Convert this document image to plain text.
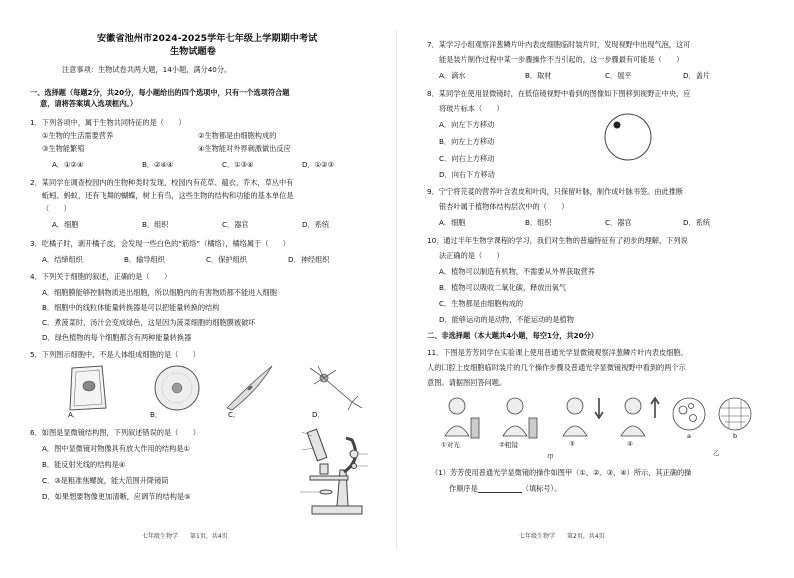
安徽省池州市2024-2025学年七年级上学期期中考试
生物试题卷
注意事项：生物试卷共两大题，14小题，满分40分。
一、选择题（每题2分，共20分，每小题给出的四个选项中，只有一个选项符合题
意，请将答案填入选项框内。）
1．下列各项中，属于生物共同特征的是（　　）
①生物的生活需要营养	②生物都是由细胞构成的
③生物能繁殖	④生物能对外界刺激做出反应
A．①②④	B．②④④	C．①③④	D．①②③
2．某同学在调查校园内的生物种类时发现，校园内有花草、蕴衣、乔木，草丛中有
蚯蚓、蚂蚁，还有飞舞的蝴蝶，树上有鸟，这些生物的结构和功能的基本单位是
（　　）
A．细胞	B．组织	C．器官	D．系统
3．吃橘子时，剥开橘子皮，会发现一些白色的“筋络”（橘络），橘络属于（　　）
A．结缔组织	B．输导组织	C．保护组织	D．神经组织
4．下列关于细胞的叙述，正确的是（　　）
A．细胞膜能够控制物质进出细胞，所以细胞内的有害物质都不能进入细胞
B．细胞中的线粒体能量转换器是可以把能量转换的结构
C．煮菠菜时，汤汁会变成绿色，这是因为菠菜细胞的细胞膜被破坏
D．绿色植物的每个细胞都含有两种能量转换器
5．下列图示细胞中，不是人体组成细胞的是（　　）
A．	B．	C．	D．
6．如图是显微镜结构图，下列叙述错误的是（　　）
A．图中显微镜对物像具有放大作用的结构是①
B．能反射光线的结构是④
C．③是粗准焦螺旋，能大范围升降镜筒
D．如果想要物像更加清晰，应调节的结构是⑤
七年级生物学　　第1页，共4页
7．某学习小组观察洋葱鳞片叶内表皮细胞临时装片时，发现视野中出现气泡，这可
能是装片制作过程中某一步骤操作不当引起的，这一步骤最有可能是（　　）
A．滴水	B．取材	C．展平	D．盖片
8．某同学在使用显微镜时，在低倍镜视野中看到的图像如下图移到视野正中央，应
将玻片标本（　　）
A．向左下方移动
B．向左上方移动
C．向右上方移动
D．向右下方移动
9．宁宁将芫荽的营养叶含表皮和叶肉，只保留叶脉，制作成叶脉书签。由此推断
银杏叶属于植物体结构层次中的（　　）
A．细胞	B．组织	C．器官	D．系统
10．通过半年生物学课程的学习，我们对生物的普遍特征有了初步的理解，下列说
法正确的是（　　）
A．植物可以制造有机物，不需要从外界获取营养
B．植物可以吸收二氧化碳，释放出氧气
C．生物都是由细胞构成的
D．能够运动的是动物，不能运动的是植物
二、非选择题（本大题共4小题，每空1分，共20分）
11．下图是芳芳同学在实验课上使用普通光学显微镜观察洋葱鳞片叶内表皮细胞、
人的口腔上皮细胞临时装片的几个操作步骤及普通光学显微镜视野中看到的两个示
意图。请据图回答问题。
①对光	②粗镜	③	④
a	b
甲	乙
（1）芳芳使用普通光学显微镜的操作如图甲（①、②、③、④）所示，其正确的操
作顺序是	（填标号）。
七年级生物学　　第2页，共4页
